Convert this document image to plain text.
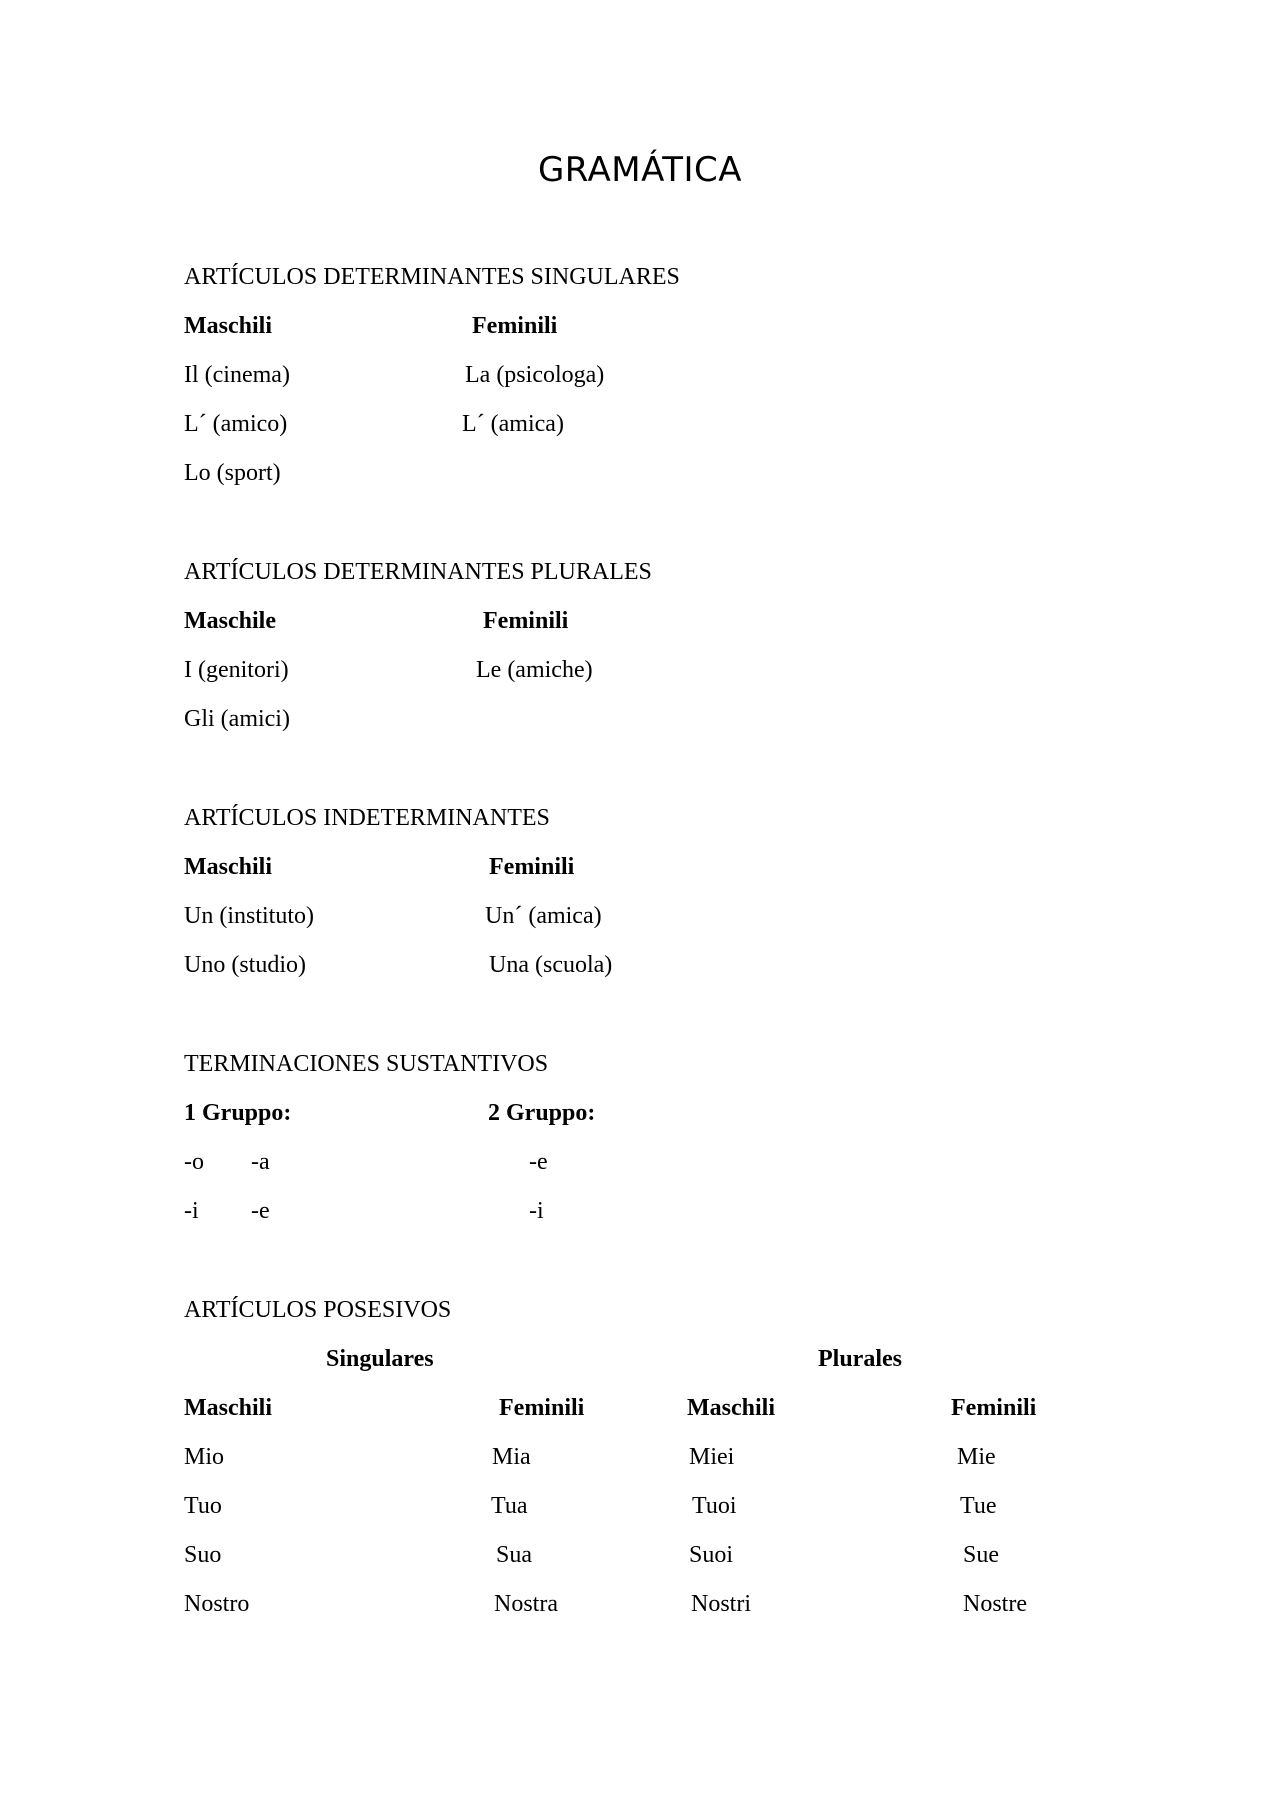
GRAMÁTICA
ARTÍCULOS DETERMINANTES SINGULARES
Maschili	Feminili
Il (cinema)	La (psicologa)
L´ (amico)	L´ (amica)
Lo (sport)
ARTÍCULOS DETERMINANTES PLURALES
Maschile	Feminili
I (genitori)	Le (amiche)
Gli (amici)
ARTÍCULOS INDETERMINANTES
Maschili	Feminili
Un (instituto)	Un´ (amica)
Uno (studio)	Una (scuola)
TERMINACIONES SUSTANTIVOS
1 Gruppo:	2 Gruppo:
-o -a	-e
-i -e	-i
ARTÍCULOS POSESIVOS
Singulares	Plurales
Maschili	Feminili	Maschili	Feminili
Mio	Mia	Miei	Mie
Tuo	Tua	Tuoi	Tue
Suo	Sua	Suoi	Sue
Nostro	Nostra	Nostri	Nostre
